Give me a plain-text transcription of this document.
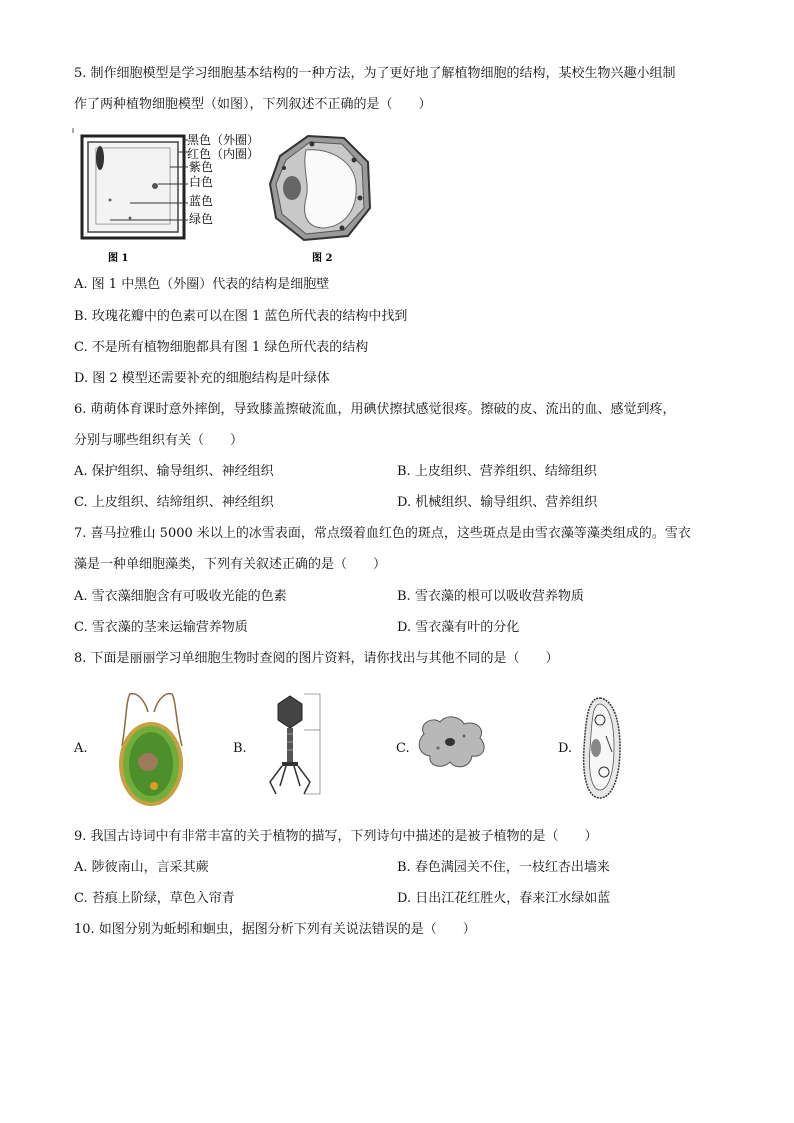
5. 制作细胞模型是学习细胞基本结构的一种方法，为了更好地了解植物细胞的结构，某校生物兴趣小组制
作了两种植物细胞模型（如图），下列叙述不正确的是（　　）
黑色（外圈）
红色（内圈）
紫色
白色
蓝色
绿色
图 1	图 2
A. 图 1 中黑色（外圈）代表的结构是细胞壁
B. 玫瑰花瓣中的色素可以在图 1 蓝色所代表的结构中找到
C. 不是所有植物细胞都具有图 1 绿色所代表的结构
D. 图 2 模型还需要补充的细胞结构是叶绿体
6. 萌萌体育课时意外摔倒，导致膝盖擦破流血，用碘伏擦拭感觉很疼。擦破的皮、流出的血、感觉到疼，
分别与哪些组织有关（　　）
A. 保护组织、输导组织、神经组织	B. 上皮组织、营养组织、结缔组织
C. 上皮组织、结缔组织、神经组织	D. 机械组织、输导组织、营养组织
7. 喜马拉雅山 5000 米以上的冰雪表面，常点缀着血红色的斑点，这些斑点是由雪衣藻等藻类组成的。雪衣
藻是一种单细胞藻类，下列有关叙述正确的是（　　）
A. 雪衣藻细胞含有可吸收光能的色素	B. 雪衣藻的根可以吸收营养物质
C. 雪衣藻的茎来运输营养物质	D. 雪衣藻有叶的分化
8. 下面是丽丽学习单细胞生物时查阅的图片资料，请你找出与其他不同的是（　　）
A.	B.	C.	D.
9. 我国古诗词中有非常丰富的关于植物的描写，下列诗句中描述的是被子植物的是（　　）
A. 陟彼南山，言采其蕨	B. 春色满园关不住，一枝红杏出墙来
C. 苔痕上阶绿，草色入帘青	D. 日出江花红胜火，春来江水绿如蓝
10. 如图分别为蚯蚓和蛔虫，据图分析下列有关说法错误的是（　　）
